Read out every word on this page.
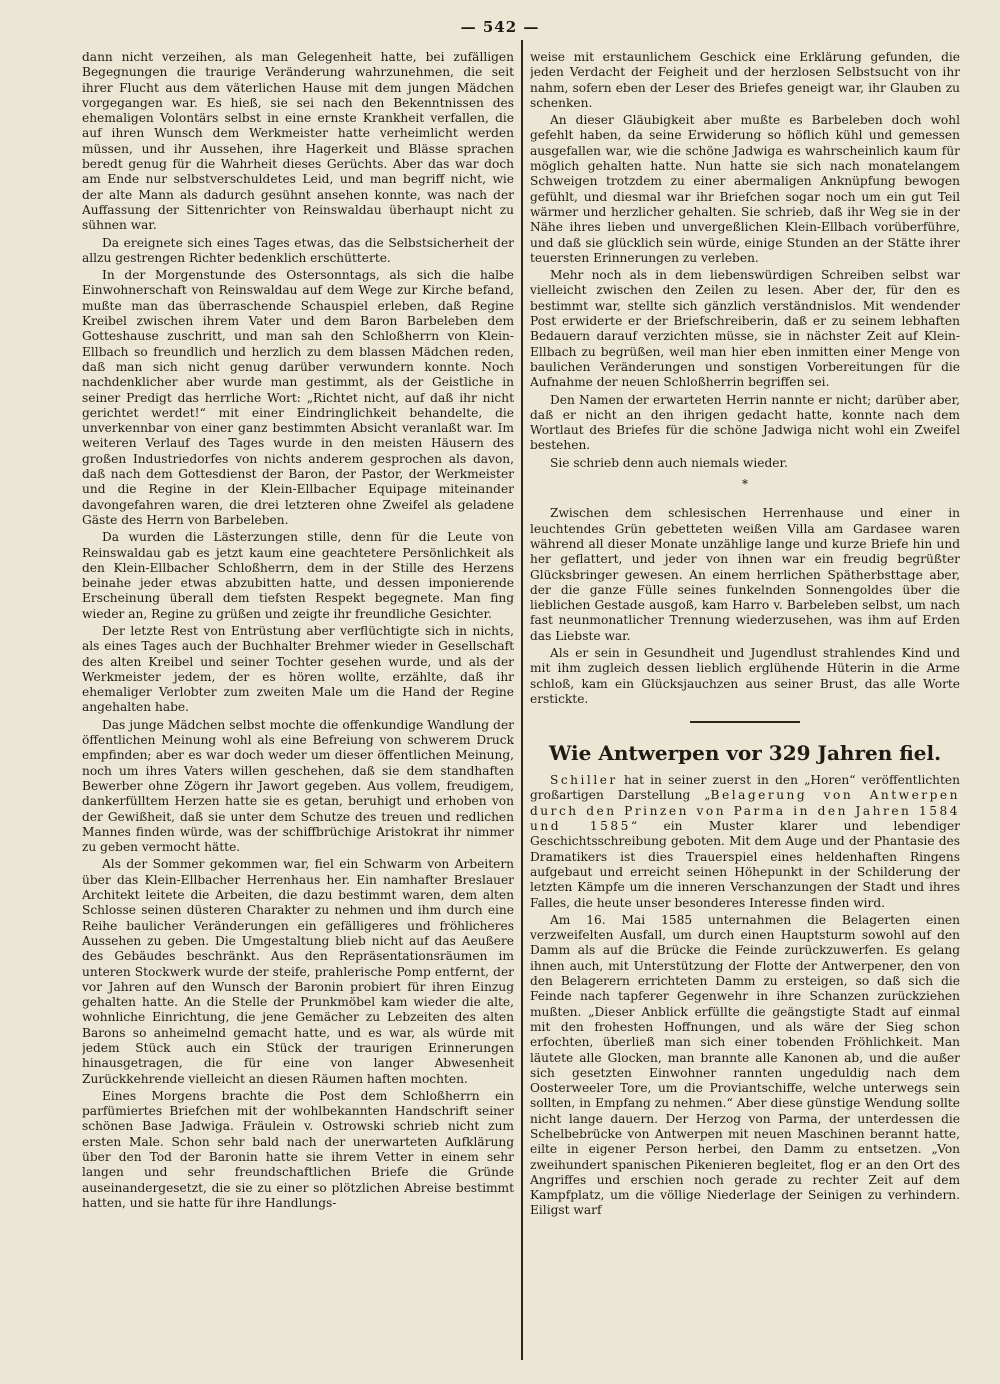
— 542 —

dann nicht verzeihen, als man Gelegenheit hatte, bei zufälligen Begegnungen die traurige Veränderung wahrzunehmen, die seit ihrer Flucht aus dem väterlichen Hause mit dem jungen Mädchen vorgegangen war. Es hieß, sie sei nach den Bekenntnissen des ehemaligen Volontärs selbst in eine ernste Krankheit verfallen, die auf ihren Wunsch dem Werkmeister hatte verheimlicht werden müssen, und ihr Aussehen, ihre Hagerkeit und Blässe sprachen beredt genug für die Wahrheit dieses Gerüchts. Aber das war doch am Ende nur selbstverschuldetes Leid, und man begriff nicht, wie der alte Mann als dadurch gesühnt ansehen konnte, was nach der Auffassung der Sittenrichter von Reinswaldau überhaupt nicht zu sühnen war.

Da ereignete sich eines Tages etwas, das die Selbstsicherheit der allzu gestrengen Richter bedenklich erschütterte.

In der Morgenstunde des Ostersonntags, als sich die halbe Einwohnerschaft von Reinswaldau auf dem Wege zur Kirche befand, mußte man das überraschende Schauspiel erleben, daß Regine Kreibel zwischen ihrem Vater und dem Baron Barbeleben dem Gotteshause zuschritt, und man sah den Schloßherrn von Klein-Ellbach so freundlich und herzlich zu dem blassen Mädchen reden, daß man sich nicht genug darüber verwundern konnte. Noch nachdenklicher aber wurde man gestimmt, als der Geistliche in seiner Predigt das herrliche Wort: „Richtet nicht, auf daß ihr nicht gerichtet werdet!“ mit einer Eindringlichkeit behandelte, die unverkennbar von einer ganz bestimmten Absicht veranlaßt war. Im weiteren Verlauf des Tages wurde in den meisten Häusern des großen Industriedorfes von nichts anderem gesprochen als davon, daß nach dem Gottesdienst der Baron, der Pastor, der Werkmeister und die Regine in der Klein-Ellbacher Equipage miteinander davongefahren waren, die drei letzteren ohne Zweifel als geladene Gäste des Herrn von Barbeleben.

Da wurden die Lästerzungen stille, denn für die Leute von Reinswaldau gab es jetzt kaum eine geachtetere Persönlichkeit als den Klein-Ellbacher Schloßherrn, dem in der Stille des Herzens beinahe jeder etwas abzubitten hatte, und dessen imponierende Erscheinung überall dem tiefsten Respekt begegnete. Man fing wieder an, Regine zu grüßen und zeigte ihr freundliche Gesichter.

Der letzte Rest von Entrüstung aber verflüchtigte sich in nichts, als eines Tages auch der Buchhalter Brehmer wieder in Gesellschaft des alten Kreibel und seiner Tochter gesehen wurde, und als der Werkmeister jedem, der es hören wollte, erzählte, daß ihr ehemaliger Verlobter zum zweiten Male um die Hand der Regine angehalten habe.

Das junge Mädchen selbst mochte die offenkundige Wandlung der öffentlichen Meinung wohl als eine Befreiung von schwerem Druck empfinden; aber es war doch weder um dieser öffentlichen Meinung, noch um ihres Vaters willen geschehen, daß sie dem standhaften Bewerber ohne Zögern ihr Jawort gegeben. Aus vollem, freudigem, dankerfülltem Herzen hatte sie es getan, beruhigt und erhoben von der Gewißheit, daß sie unter dem Schutze des treuen und redlichen Mannes finden würde, was der schiffbrüchige Aristokrat ihr nimmer zu geben vermocht hätte.

Als der Sommer gekommen war, fiel ein Schwarm von Arbeitern über das Klein-Ellbacher Herrenhaus her. Ein namhafter Breslauer Architekt leitete die Arbeiten, die dazu bestimmt waren, dem alten Schlosse seinen düsteren Charakter zu nehmen und ihm durch eine Reihe baulicher Veränderungen ein gefälligeres und fröhlicheres Aussehen zu geben. Die Umgestaltung blieb nicht auf das Aeußere des Gebäudes beschränkt. Aus den Repräsentationsräumen im unteren Stockwerk wurde der steife, prahlerische Pomp entfernt, der vor Jahren auf den Wunsch der Baronin probiert für ihren Einzug gehalten hatte. An die Stelle der Prunkmöbel kam wieder die alte, wohnliche Einrichtung, die jene Gemächer zu Lebzeiten des alten Barons so anheimelnd gemacht hatte, und es war, als würde mit jedem Stück auch ein Stück der traurigen Erinnerungen hinausgetragen, die für eine von langer Abwesenheit Zurückkehrende vielleicht an diesen Räumen haften mochten.

Eines Morgens brachte die Post dem Schloßherrn ein parfümiertes Briefchen mit der wohlbekannten Handschrift seiner schönen Base Jadwiga. Fräulein v. Ostrowski schrieb nicht zum ersten Male. Schon sehr bald nach der unerwarteten Aufklärung über den Tod der Baronin hatte sie ihrem Vetter in einem sehr langen und sehr freundschaftlichen Briefe die Gründe auseinandergesetzt, die sie zu einer so plötzlichen Abreise bestimmt hatten, und sie hatte für ihre Handlungs-

weise mit erstaunlichem Geschick eine Erklärung gefunden, die jeden Verdacht der Feigheit und der herzlosen Selbstsucht von ihr nahm, sofern eben der Leser des Briefes geneigt war, ihr Glauben zu schenken.

An dieser Gläubigkeit aber mußte es Barbeleben doch wohl gefehlt haben, da seine Erwiderung so höflich kühl und gemessen ausgefallen war, wie die schöne Jadwiga es wahrscheinlich kaum für möglich gehalten hatte. Nun hatte sie sich nach monatelangem Schweigen trotzdem zu einer abermaligen Anknüpfung bewogen gefühlt, und diesmal war ihr Briefchen sogar noch um ein gut Teil wärmer und herzlicher gehalten. Sie schrieb, daß ihr Weg sie in der Nähe ihres lieben und unvergeßlichen Klein-Ellbach vorüberführe, und daß sie glücklich sein würde, einige Stunden an der Stätte ihrer teuersten Erinnerungen zu verleben.

Mehr noch als in dem liebenswürdigen Schreiben selbst war vielleicht zwischen den Zeilen zu lesen. Aber der, für den es bestimmt war, stellte sich gänzlich verständnislos. Mit wendender Post erwiderte er der Briefschreiberin, daß er zu seinem lebhaften Bedauern darauf verzichten müsse, sie in nächster Zeit auf Klein-Ellbach zu begrüßen, weil man hier eben inmitten einer Menge von baulichen Veränderungen und sonstigen Vorbereitungen für die Aufnahme der neuen Schloßherrin begriffen sei.

Den Namen der erwarteten Herrin nannte er nicht; darüber aber, daß er nicht an den ihrigen gedacht hatte, konnte nach dem Wortlaut des Briefes für die schöne Jadwiga nicht wohl ein Zweifel bestehen.

Sie schrieb denn auch niemals wieder.

*

Zwischen dem schlesischen Herrenhause und einer in leuchtendes Grün gebetteten weißen Villa am Gardasee waren während all dieser Monate unzählige lange und kurze Briefe hin und her geflattert, und jeder von ihnen war ein freudig begrüßter Glücksbringer gewesen. An einem herrlichen Spätherbsttage aber, der die ganze Fülle seines funkelnden Sonnengoldes über die lieblichen Gestade ausgoß, kam Harro v. Barbeleben selbst, um nach fast neunmonatlicher Trennung wiederzusehen, was ihm auf Erden das Liebste war.

Als er sein in Gesundheit und Jugendlust strahlendes Kind und mit ihm zugleich dessen lieblich erglühende Hüterin in die Arme schloß, kam ein Glücksjauchzen aus seiner Brust, das alle Worte erstickte.

Wie Antwerpen vor 329 Jahren fiel.

Schiller hat in seiner zuerst in den „Horen“ veröffentlichten großartigen Darstellung „Belagerung von Antwerpen durch den Prinzen von Parma in den Jahren 1584 und 1585“ ein Muster klarer und lebendiger Geschichtsschreibung geboten. Mit dem Auge und der Phantasie des Dramatikers ist dies Trauerspiel eines heldenhaften Ringens aufgebaut und erreicht seinen Höhepunkt in der Schilderung der letzten Kämpfe um die inneren Verschanzungen der Stadt und ihres Falles, die heute unser besonderes Interesse finden wird.

Am 16. Mai 1585 unternahmen die Belagerten einen verzweifelten Ausfall, um durch einen Hauptsturm sowohl auf den Damm als auf die Brücke die Feinde zurückzuwerfen. Es gelang ihnen auch, mit Unterstützung der Flotte der Antwerpener, den von den Belagerern errichteten Damm zu ersteigen, so daß sich die Feinde nach tapferer Gegenwehr in ihre Schanzen zurückziehen mußten. „Dieser Anblick erfüllte die geängstigte Stadt auf einmal mit den frohesten Hoffnungen, und als wäre der Sieg schon erfochten, überließ man sich einer tobenden Fröhlichkeit. Man läutete alle Glocken, man brannte alle Kanonen ab, und die außer sich gesetzten Einwohner rannten ungeduldig nach dem Oosterweeler Tore, um die Proviantschiffe, welche unterwegs sein sollten, in Empfang zu nehmen.“ Aber diese günstige Wendung sollte nicht lange dauern. Der Herzog von Parma, der unterdessen die Schelbebrücke von Antwerpen mit neuen Maschinen berannt hatte, eilte in eigener Person herbei, den Damm zu entsetzen. „Von zweihundert spanischen Pikenieren begleitet, flog er an den Ort des Angriffes und erschien noch gerade zu rechter Zeit auf dem Kampfplatz, um die völlige Niederlage der Seinigen zu verhindern. Eiligst warf
